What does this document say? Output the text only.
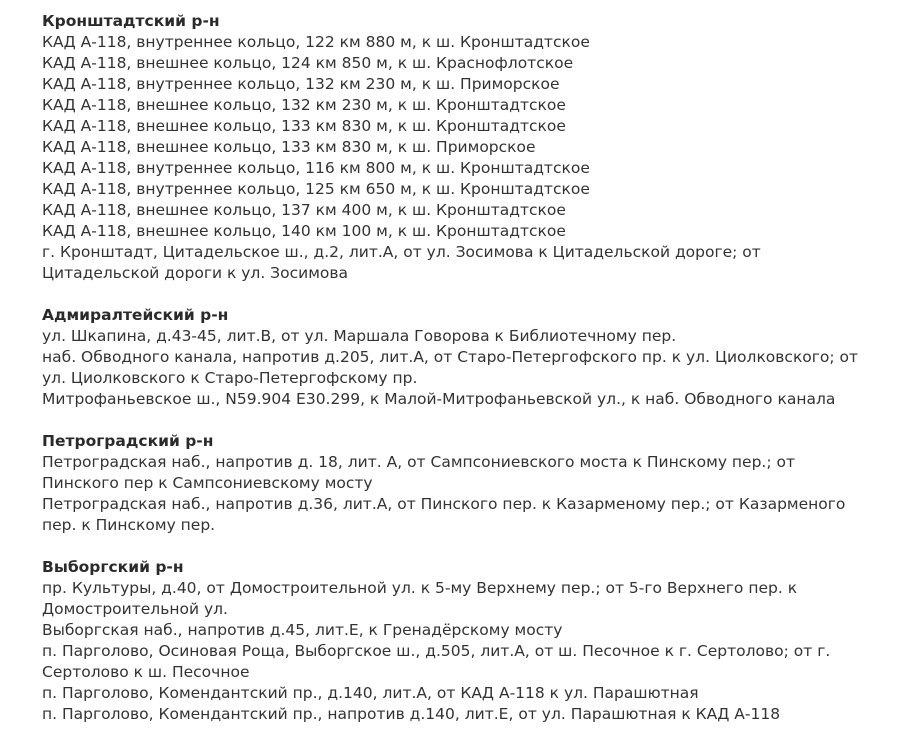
Кронштадтский р-н

КАД А-118, внутреннее кольцо, 122 км 880 м, к ш. Кронштадтское

КАД А-118, внешнее кольцо, 124 км 850 м, к ш. Краснофлотское

КАД А-118, внутреннее кольцо, 132 км 230 м, к ш. Приморское

КАД А-118, внешнее кольцо, 132 км 230 м, к ш. Кронштадтское

КАД А-118, внешнее кольцо, 133 км 830 м, к ш. Кронштадтское

КАД А-118, внешнее кольцо, 133 км 830 м, к ш. Приморское

КАД А-118, внутреннее кольцо, 116 км 800 м, к ш. Кронштадтское

КАД А-118, внутреннее кольцо, 125 км 650 м, к ш. Кронштадтское

КАД А-118, внешнее кольцо, 137 км 400 м, к ш. Кронштадтское

КАД А-118, внешнее кольцо, 140 км 100 м, к ш. Кронштадтское

г. Кронштадт, Цитадельское ш., д.2, лит.А, от ул. Зосимова к Цитадельской дороге; от Цитадельской дороги к ул. Зосимова

Адмиралтейский р-н

ул. Шкапина, д.43-45, лит.В, от ул. Маршала Говорова к Библиотечному пер.

наб. Обводного канала, напротив д.205, лит.А, от Старо-Петергофского пр. к ул. Циолковского; от ул. Циолковского к Старо-Петергофскому пр.

Митрофаньевское ш., N59.904 E30.299, к Малой-Митрофаньевской ул., к наб. Обводного канала

Петроградский р-н

Петроградская наб., напротив д. 18, лит. А, от Сампсониевского моста к Пинскому пер.; от Пинского пер к Сампсониевскому мосту

Петроградская наб., напротив д.36, лит.А, от Пинского пер. к Казарменому пер.; от Казарменого пер. к Пинскому пер.

Выборгский р-н

пр. Культуры, д.40, от Домостроительной ул. к 5-му Верхнему пер.; от 5-го Верхнего пер. к Домостроительной ул.

Выборгская наб., напротив д.45, лит.Е, к Гренадёрскому мосту

п. Парголово, Осиновая Роща, Выборгское ш., д.505, лит.А, от ш. Песочное к г. Сертолово; от г. Сертолово к ш. Песочное

п. Парголово, Комендантский пр., д.140, лит.А, от КАД А-118 к ул. Парашютная

п. Парголово, Комендантский пр., напротив д.140, лит.Е, от ул. Парашютная к КАД А-118
